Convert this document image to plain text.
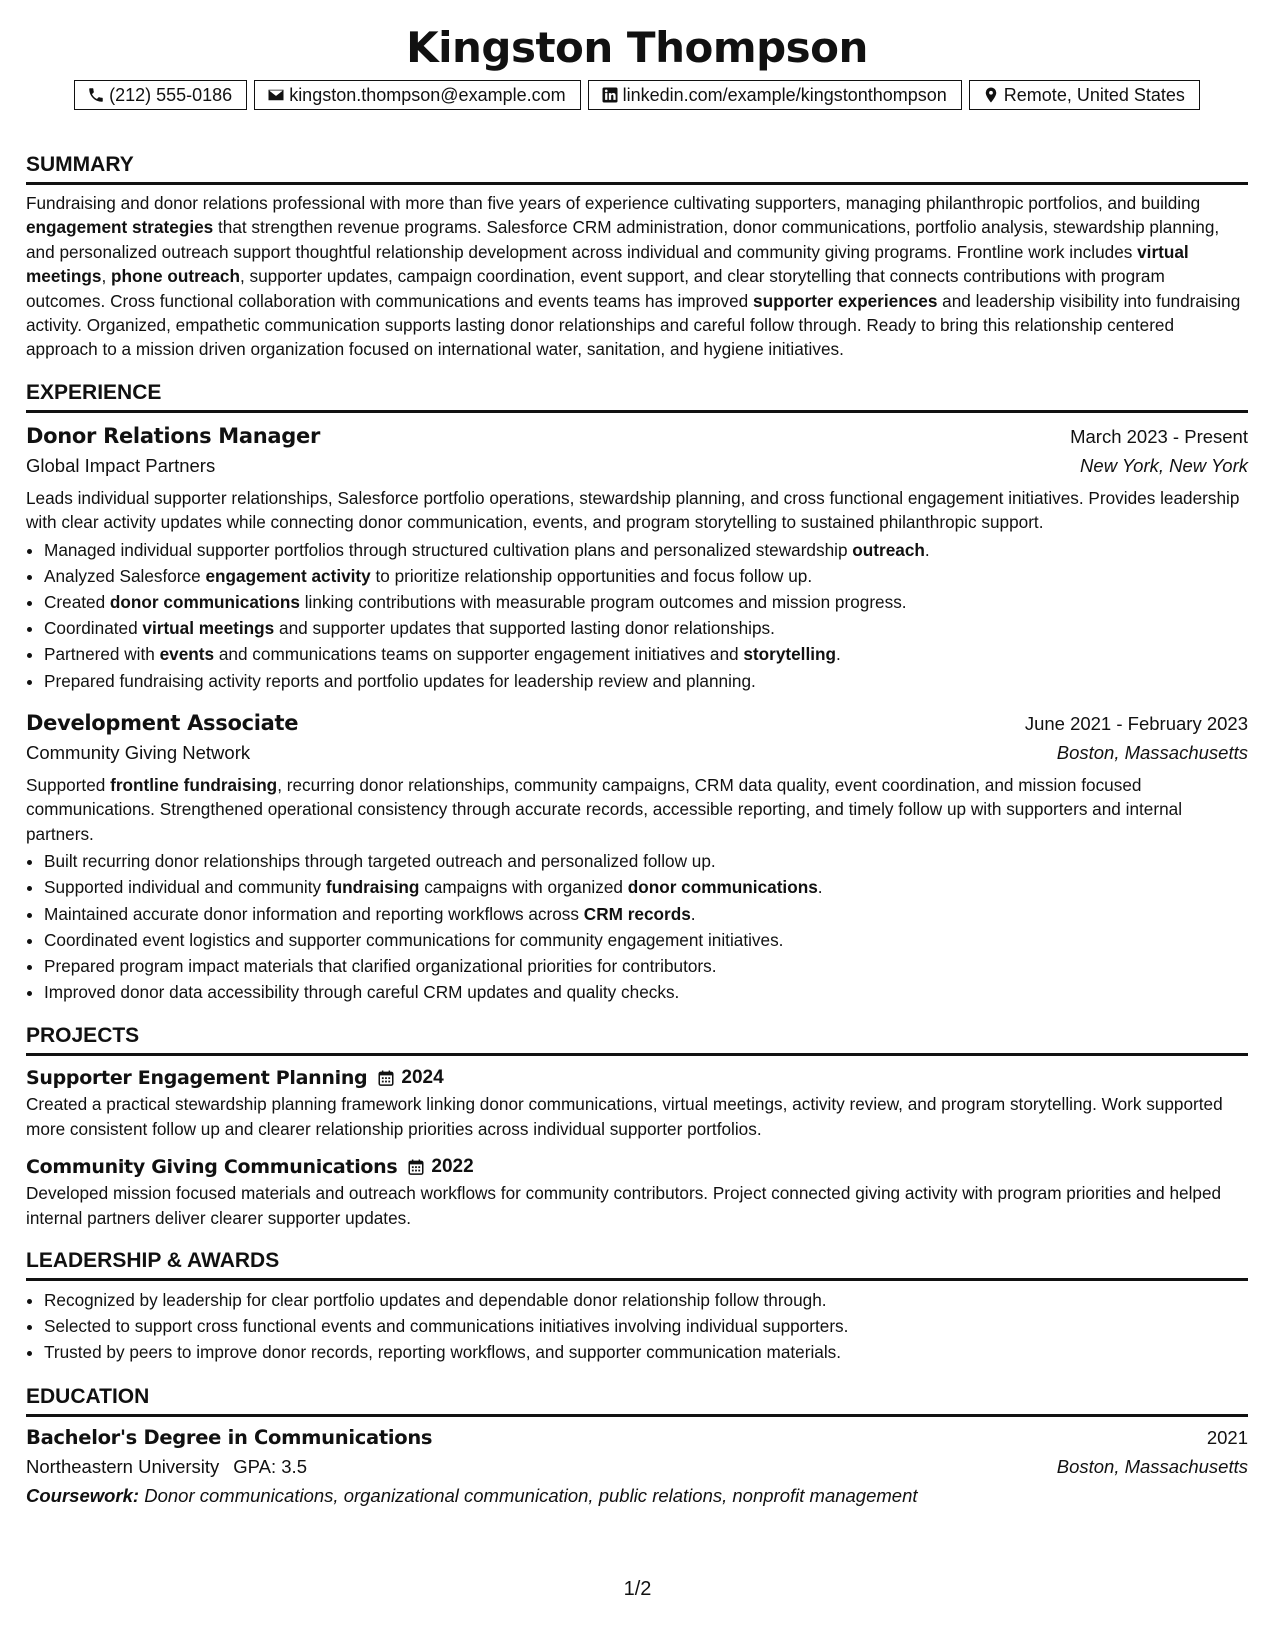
Kingston Thompson
(212) 555-0186	kingston.thompson@example.com	linkedin.com/example/kingstonthompson	Remote, United States
SUMMARY

Fundraising and donor relations professional with more than five years of experience cultivating supporters, managing philanthropic portfolios, and building engagement strategies that strengthen revenue programs. Salesforce CRM administration, donor communications, portfolio analysis, stewardship planning, and personalized outreach support thoughtful relationship development across individual and community giving programs. Frontline work includes virtual meetings, phone outreach, supporter updates, campaign coordination, event support, and clear storytelling that connects contributions with program outcomes. Cross functional collaboration with communications and events teams has improved supporter experiences and leadership visibility into fundraising activity. Organized, empathetic communication supports lasting donor relationships and careful follow through. Ready to bring this relationship centered approach to a mission driven organization focused on international water, sanitation, and hygiene initiatives.

EXPERIENCE
Donor Relations Manager	March 2023 - Present
Global Impact Partners	New York, New York

Leads individual supporter relationships, Salesforce portfolio operations, stewardship planning, and cross functional engagement initiatives. Provides leadership with clear activity updates while connecting donor communication, events, and program storytelling to sustained philanthropic support.

• Managed individual supporter portfolios through structured cultivation plans and personalized stewardship outreach.
• Analyzed Salesforce engagement activity to prioritize relationship opportunities and focus follow up.
• Created donor communications linking contributions with measurable program outcomes and mission progress.
• Coordinated virtual meetings and supporter updates that supported lasting donor relationships.
• Partnered with events and communications teams on supporter engagement initiatives and storytelling.
• Prepared fundraising activity reports and portfolio updates for leadership review and planning.
Development Associate	June 2021 - February 2023
Community Giving Network	Boston, Massachusetts

Supported frontline fundraising, recurring donor relationships, community campaigns, CRM data quality, event coordination, and mission focused communications. Strengthened operational consistency through accurate records, accessible reporting, and timely follow up with supporters and internal partners.

• Built recurring donor relationships through targeted outreach and personalized follow up.
• Supported individual and community fundraising campaigns with organized donor communications.
• Maintained accurate donor information and reporting workflows across CRM records.
• Coordinated event logistics and supporter communications for community engagement initiatives.
• Prepared program impact materials that clarified organizational priorities for contributors.
• Improved donor data accessibility through careful CRM updates and quality checks.
PROJECTS
Supporter Engagement Planning 2024

Created a practical stewardship planning framework linking donor communications, virtual meetings, activity review, and program storytelling. Work supported more consistent follow up and clearer relationship priorities across individual supporter portfolios.

Community Giving Communications 2022

Developed mission focused materials and outreach workflows for community contributors. Project connected giving activity with program priorities and helped internal partners deliver clearer supporter updates.

LEADERSHIP & AWARDS
• Recognized by leadership for clear portfolio updates and dependable donor relationship follow through.
• Selected to support cross functional events and communications initiatives involving individual supporters.
• Trusted by peers to improve donor records, reporting workflows, and supporter communication materials.
EDUCATION
Bachelor's Degree in Communications	2021
Northeastern University GPA: 3.5	Boston, Massachusetts
Coursework: Donor communications, organizational communication, public relations, nonprofit management
1/2
